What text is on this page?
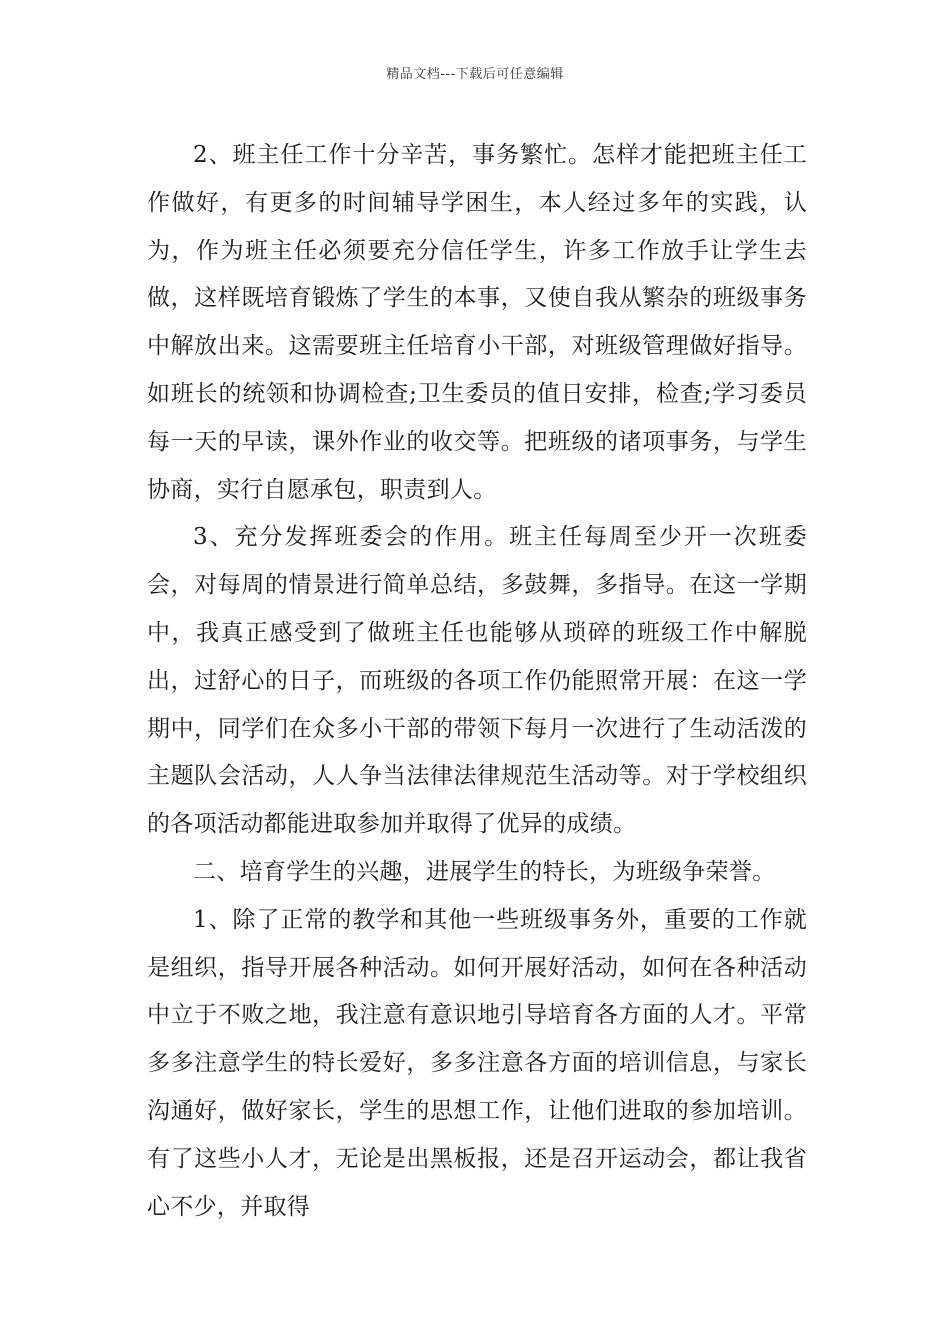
精品文档---下载后可任意编辑

2、班主任工作十分辛苦，事务繁忙。怎样才能把班主任工作做好，有更多的时间辅导学困生，本人经过多年的实践，认为，作为班主任必须要充分信任学生，许多工作放手让学生去做，这样既培育锻炼了学生的本事，又使自我从繁杂的班级事务中解放出来。这需要班主任培育小干部，对班级管理做好指导。如班长的统领和协调检查;卫生委员的值日安排，检查;学习委员每一天的早读，课外作业的收交等。把班级的诸项事务，与学生协商，实行自愿承包，职责到人。

3、充分发挥班委会的作用。班主任每周至少开一次班委会，对每周的情景进行简单总结，多鼓舞，多指导。在这一学期中，我真正感受到了做班主任也能够从琐碎的班级工作中解脱出，过舒心的日子，而班级的各项工作仍能照常开展：在这一学期中，同学们在众多小干部的带领下每月一次进行了生动活泼的主题队会活动，人人争当法律法律规范生活动等。对于学校组织的各项活动都能进取参加并取得了优异的成绩。

二、培育学生的兴趣，进展学生的特长，为班级争荣誉。

1、除了正常的教学和其他一些班级事务外，重要的工作就是组织，指导开展各种活动。如何开展好活动，如何在各种活动中立于不败之地，我注意有意识地引导培育各方面的人才。平常多多注意学生的特长爱好，多多注意各方面的培训信息，与家长沟通好，做好家长，学生的思想工作，让他们进取的参加培训。有了这些小人才，无论是出黑板报，还是召开运动会，都让我省心不少，并取得
